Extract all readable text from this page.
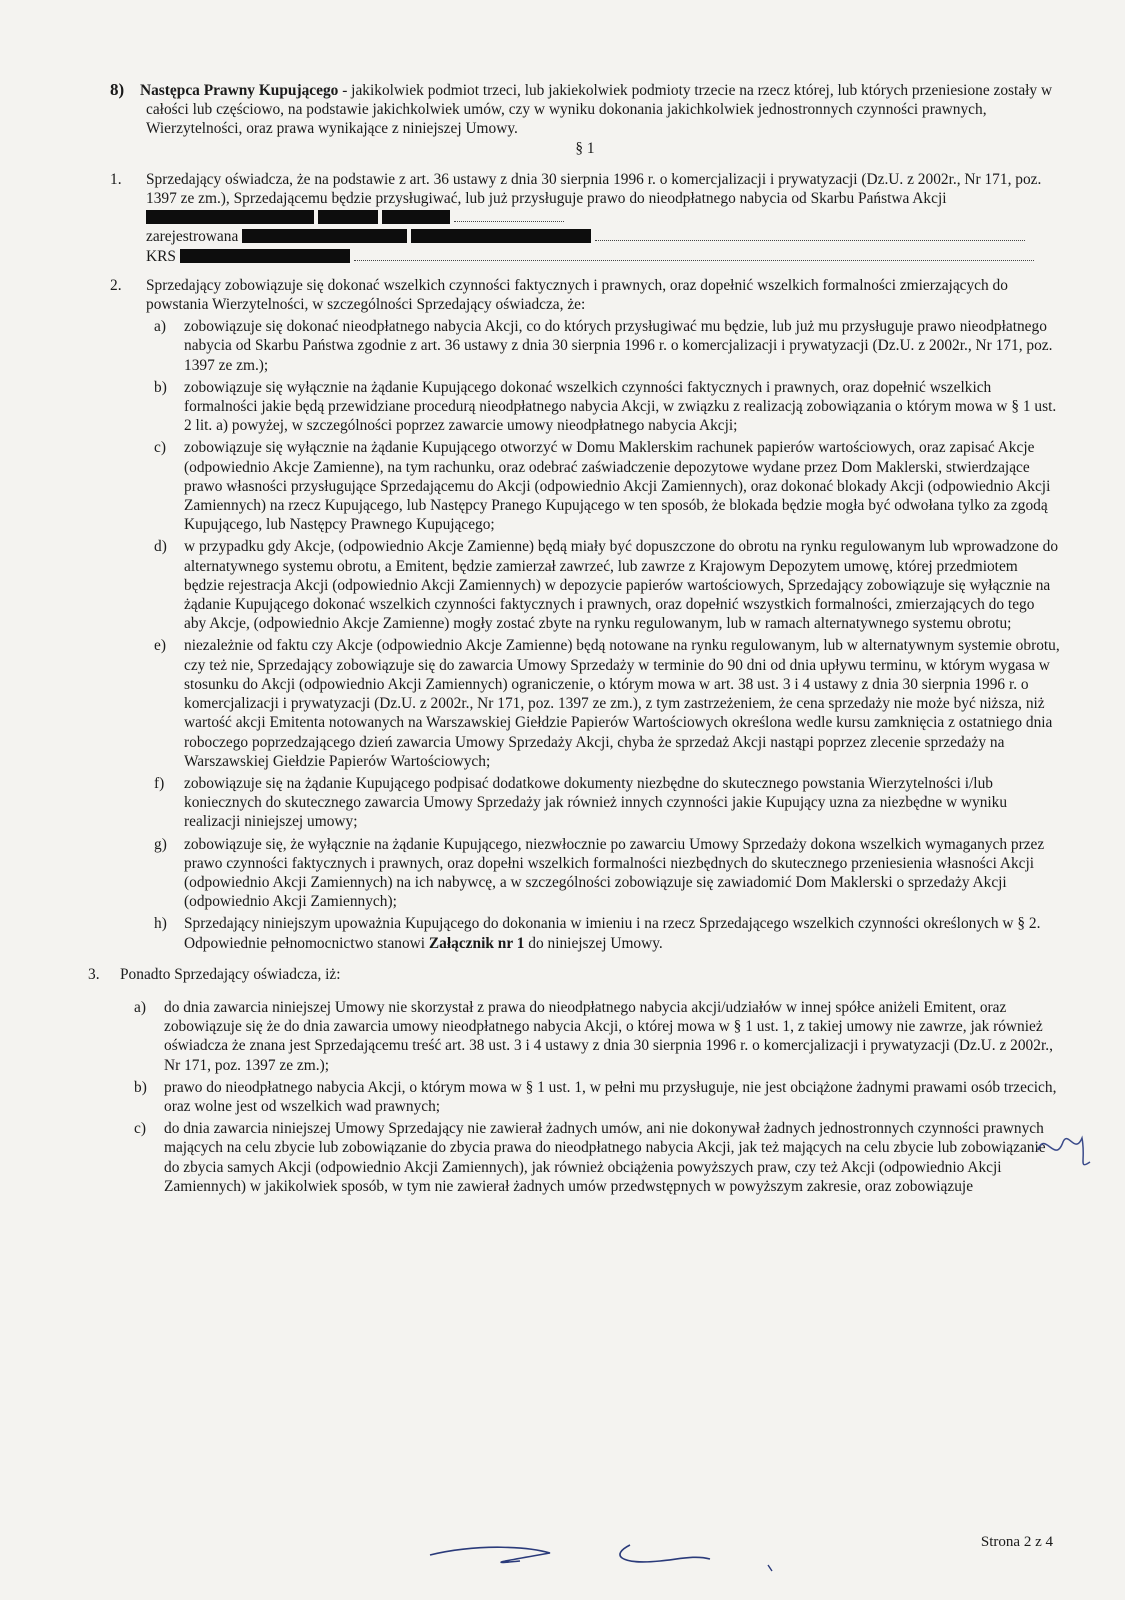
8) Następca Prawny Kupującego - jakikolwiek podmiot trzeci, lub jakiekolwiek podmioty trzecie na rzecz której, lub których przeniesione zostały w całości lub częściowo, na podstawie jakichkolwiek umów, czy w wyniku dokonania jakichkolwiek jednostronnych czynności prawnych, Wierzytelności, oraz prawa wynikające z niniejszej Umowy.
§ 1
1. Sprzedający oświadcza, że na podstawie z art. 36 ustawy z dnia 30 sierpnia 1996 r. o komercjalizacji i prywatyzacji (Dz.U. z 2002r., Nr 171, poz. 1397 ze zm.), Sprzedającemu będzie przysługiwać, lub już przysługuje prawo do nieodpłatnego nabycia od Skarbu Państwa Akcji
zarejestrowana
KRS
2. Sprzedający zobowiązuje się dokonać wszelkich czynności faktycznych i prawnych, oraz dopełnić wszelkich formalności zmierzających do powstania Wierzytelności, w szczególności Sprzedający oświadcza, że:
a) zobowiązuje się dokonać nieodpłatnego nabycia Akcji, co do których przysługiwać mu będzie, lub już mu przysługuje prawo nieodpłatnego nabycia od Skarbu Państwa zgodnie z art. 36 ustawy z dnia 30 sierpnia 1996 r. o komercjalizacji i prywatyzacji (Dz.U. z 2002r., Nr 171, poz. 1397 ze zm.);
b) zobowiązuje się wyłącznie na żądanie Kupującego dokonać wszelkich czynności faktycznych i prawnych, oraz dopełnić wszelkich formalności jakie będą przewidziane procedurą nieodpłatnego nabycia Akcji, w związku z realizacją zobowiązania o którym mowa w § 1 ust. 2 lit. a) powyżej, w szczególności poprzez zawarcie umowy nieodpłatnego nabycia Akcji;
c) zobowiązuje się wyłącznie na żądanie Kupującego otworzyć w Domu Maklerskim rachunek papierów wartościowych, oraz zapisać Akcje (odpowiednio Akcje Zamienne), na tym rachunku, oraz odebrać zaświadczenie depozytowe wydane przez Dom Maklerski, stwierdzające prawo własności przysługujące Sprzedającemu do Akcji (odpowiednio Akcji Zamiennych), oraz dokonać blokady Akcji (odpowiednio Akcji Zamiennych) na rzecz Kupującego, lub Następcy Pranego Kupującego w ten sposób, że blokada będzie mogła być odwołana tylko za zgodą Kupującego, lub Następcy Prawnego Kupującego;
d) w przypadku gdy Akcje, (odpowiednio Akcje Zamienne) będą miały być dopuszczone do obrotu na rynku regulowanym lub wprowadzone do alternatywnego systemu obrotu, a Emitent, będzie zamierzał zawrzeć, lub zawrze z Krajowym Depozytem umowę, której przedmiotem będzie rejestracja Akcji (odpowiednio Akcji Zamiennych) w depozycie papierów wartościowych, Sprzedający zobowiązuje się wyłącznie na żądanie Kupującego dokonać wszelkich czynności faktycznych i prawnych, oraz dopełnić wszystkich formalności, zmierzających do tego aby Akcje, (odpowiednio Akcje Zamienne) mogły zostać zbyte na rynku regulowanym, lub w ramach alternatywnego systemu obrotu;
e) niezależnie od faktu czy Akcje (odpowiednio Akcje Zamienne) będą notowane na rynku regulowanym, lub w alternatywnym systemie obrotu, czy też nie, Sprzedający zobowiązuje się do zawarcia Umowy Sprzedaży w terminie do 90 dni od dnia upływu terminu, w którym wygasa w stosunku do Akcji (odpowiednio Akcji Zamiennych) ograniczenie, o którym mowa w art. 38 ust. 3 i 4 ustawy z dnia 30 sierpnia 1996 r. o komercjalizacji i prywatyzacji (Dz.U. z 2002r., Nr 171, poz. 1397 ze zm.), z tym zastrzeżeniem, że cena sprzedaży nie może być niższa, niż wartość akcji Emitenta notowanych na Warszawskiej Giełdzie Papierów Wartościowych określona wedle kursu zamknięcia z ostatniego dnia roboczego poprzedzającego dzień zawarcia Umowy Sprzedaży Akcji, chyba że sprzedaż Akcji nastąpi poprzez zlecenie sprzedaży na Warszawskiej Giełdzie Papierów Wartościowych;
f) zobowiązuje się na żądanie Kupującego podpisać dodatkowe dokumenty niezbędne do skutecznego powstania Wierzytelności i/lub koniecznych do skutecznego zawarcia Umowy Sprzedaży jak również innych czynności jakie Kupujący uzna za niezbędne w wyniku realizacji niniejszej umowy;
g) zobowiązuje się, że wyłącznie na żądanie Kupującego, niezwłocznie po zawarciu Umowy Sprzedaży dokona wszelkich wymaganych przez prawo czynności faktycznych i prawnych, oraz dopełni wszelkich formalności niezbędnych do skutecznego przeniesienia własności Akcji (odpowiednio Akcji Zamiennych) na ich nabywcę, a w szczególności zobowiązuje się zawiadomić Dom Maklerski o sprzedaży Akcji (odpowiednio Akcji Zamiennych);
h) Sprzedający niniejszym upoważnia Kupującego do dokonania w imieniu i na rzecz Sprzedającego wszelkich czynności określonych w § 2. Odpowiednie pełnomocnictwo stanowi Załącznik nr 1 do niniejszej Umowy.
3. Ponadto Sprzedający oświadcza, iż:
a) do dnia zawarcia niniejszej Umowy nie skorzystał z prawa do nieodpłatnego nabycia akcji/udziałów w innej spółce aniżeli Emitent, oraz zobowiązuje się że do dnia zawarcia umowy nieodpłatnego nabycia Akcji, o której mowa w § 1 ust. 1, z takiej umowy nie zawrze, jak również oświadcza że znana jest Sprzedającemu treść art. 38 ust. 3 i 4 ustawy z dnia 30 sierpnia 1996 r. o komercjalizacji i prywatyzacji (Dz.U. z 2002r., Nr 171, poz. 1397 ze zm.);
b) prawo do nieodpłatnego nabycia Akcji, o którym mowa w § 1 ust. 1, w pełni mu przysługuje, nie jest obciążone żadnymi prawami osób trzecich, oraz wolne jest od wszelkich wad prawnych;
c) do dnia zawarcia niniejszej Umowy Sprzedający nie zawierał żadnych umów, ani nie dokonywał żadnych jednostronnych czynności prawnych mających na celu zbycie lub zobowiązanie do zbycia prawa do nieodpłatnego nabycia Akcji, jak też mających na celu zbycie lub zobowiązanie do zbycia samych Akcji (odpowiednio Akcji Zamiennych), jak również obciążenia powyższych praw, czy też Akcji (odpowiednio Akcji Zamiennych) w jakikolwiek sposób, w tym nie zawierał żadnych umów przedwstępnych w powyższym zakresie, oraz zobowiązuje
Strona 2 z 4
